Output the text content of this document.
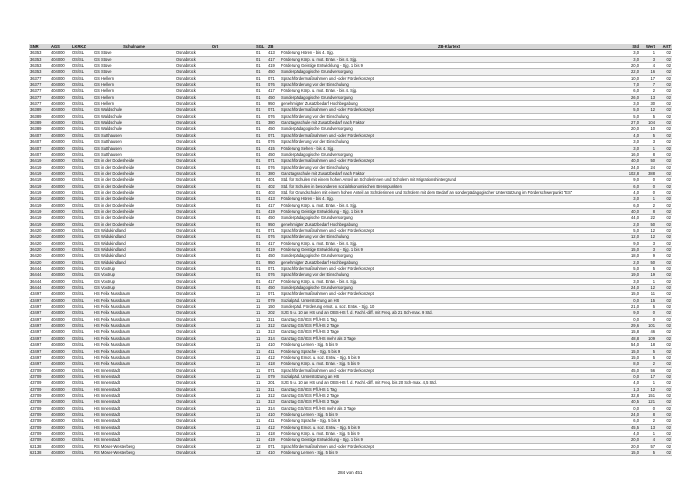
SNR	AGS	LKRKZ	Schulname	Ort	SGL	ZB	ZB-Klartext	Std	Wert	ArtT
36353	404000	OS/SL	GS Stüve	Osnabrück	01	413	Förderung Hören - bis 4. Sjg.	3,0	1	02
36353	404000	OS/SL	GS Stüve	Osnabrück	01	417	Förderung Körp. u. mot. Entw. - bis 4. Sjg.	3,0	3	02
36353	404000	OS/SL	GS Stüve	Osnabrück	01	419	Förderung Geistige Entwicklung - Sjg. 1 bis 9	20,0	4	02
36353	404000	OS/SL	GS Stüve	Osnabrück	01	450	Sonderpädagogische Grundversorgung	22,0	16	02
36377	404000	OS/SL	GS Hellern	Osnabrück	01	071	Sprachfördermaßnahmen und -oder Förderkonzept	10,0	17	02
36377	404000	OS/SL	GS Hellern	Osnabrück	01	076	Sprachförderung vor der Einschulung	7,0	7	02
36377	404000	OS/SL	GS Hellern	Osnabrück	01	417	Förderung Körp. u. mot. Entw. - bis 4. Sjg.	6,0	2	02
36377	404000	OS/SL	GS Hellern	Osnabrück	01	450	Sonderpädagogische Grundversorgung	26,0	13	02
36377	404000	OS/SL	GS Hellern	Osnabrück	01	950	genehmigter Zusatzbedarf Hochbegabung	3,0	30	02
36389	404000	OS/SL	GS Waldschule	Osnabrück	01	071	Sprachfördermaßnahmen und -oder Förderkonzept	5,0	12	02
36389	404000	OS/SL	GS Waldschule	Osnabrück	01	076	Sprachförderung vor der Einschulung	5,0	5	02
36389	404000	OS/SL	GS Waldschule	Osnabrück	01	380	Ganztagsschule mit Zusatzbedarf nach Faktor	27,0	104	02
36389	404000	OS/SL	GS Waldschule	Osnabrück	01	450	Sonderpädagogische Grundversorgung	20,0	10	02
36407	404000	OS/SL	GS Sutthausen	Osnabrück	01	071	Sprachfördermaßnahmen und -oder Förderkonzept	4,0	5	02
36407	404000	OS/SL	GS Sutthausen	Osnabrück	01	076	Sprachförderung vor der Einschulung	3,0	3	02
36407	404000	OS/SL	GS Sutthausen	Osnabrück	01	415	Förderung Sehen - bis 4. Sjg.	3,0	1	02
36407	404000	OS/SL	GS Sutthausen	Osnabrück	01	450	Sonderpädagogische Grundversorgung	16,0	8	02
36419	404000	OS/SL	GS in der Dodesheide	Osnabrück	01	071	Sprachfördermaßnahmen und -oder Förderkonzept	40,0	50	02
36419	404000	OS/SL	GS in der Dodesheide	Osnabrück	01	076	Sprachförderung vor der Einschulung	24,0	24	02
36419	404000	OS/SL	GS in der Dodesheide	Osnabrück	01	380	Ganztagsschule mit Zusatzbedarf nach Faktor	102,8	388	02
36419	404000	OS/SL	GS in der Dodesheide	Osnabrück	01	401	Std. für Schulen mit einem hohen Anteil an Schülerinnen und Schülern mit Migrationshintergrund	9,0	0	02
36419	404000	OS/SL	GS in der Dodesheide	Osnabrück	01	402	Std. für Schulen in besonderen sozialökonomischen Brennpunkten	6,0	0	02
36419	404000	OS/SL	GS in der Dodesheide	Osnabrück	01	403	Std. für Grundschulen mit einem hohen Anteil an Schülerinnen und Schülern mit dem Bedarf an sonderpädagogischer Unterstützung im Förderschwerpunkt "ES"	4,0	0	02
36419	404000	OS/SL	GS in der Dodesheide	Osnabrück	01	413	Förderung Hören - bis 4. Sjg.	3,0	1	02
36419	404000	OS/SL	GS in der Dodesheide	Osnabrück	01	417	Förderung Körp. u. mot. Entw. - bis 4. Sjg.	6,0	2	02
36419	404000	OS/SL	GS in der Dodesheide	Osnabrück	01	419	Förderung Geistige Entwicklung - Sjg. 1 bis 9	40,0	8	02
36419	404000	OS/SL	GS in der Dodesheide	Osnabrück	01	450	Sonderpädagogische Grundversorgung	44,0	22	02
36419	404000	OS/SL	GS in der Dodesheide	Osnabrück	01	950	genehmigter Zusatzbedarf Hochbegabung	2,0	50	02
36420	404000	OS/SL	GS Widukindland	Osnabrück	01	071	Sprachfördermaßnahmen und -oder Förderkonzept	5,0	12	02
36420	404000	OS/SL	GS Widukindland	Osnabrück	01	076	Sprachförderung vor der Einschulung	12,0	12	02
36420	404000	OS/SL	GS Widukindland	Osnabrück	01	417	Förderung Körp. u. mot. Entw. - bis 4. Sjg.	9,0	3	02
36420	404000	OS/SL	GS Widukindland	Osnabrück	01	419	Förderung Geistige Entwicklung - Sjg. 1 bis 9	15,0	3	02
36420	404000	OS/SL	GS Widukindland	Osnabrück	01	450	Sonderpädagogische Grundversorgung	18,0	9	02
36420	404000	OS/SL	GS Widukindland	Osnabrück	01	950	genehmigter Zusatzbedarf Hochbegabung	2,0	50	02
36444	404000	OS/SL	GS Voxtrup	Osnabrück	01	071	Sprachfördermaßnahmen und -oder Förderkonzept	5,0	5	02
36444	404000	OS/SL	GS Voxtrup	Osnabrück	01	076	Sprachförderung vor der Einschulung	19,0	19	02
36444	404000	OS/SL	GS Voxtrup	Osnabrück	01	417	Förderung Körp. u. mot. Entw. - bis 4. Sjg.	3,0	1	02
36444	404000	OS/SL	GS Voxtrup	Osnabrück	01	450	Sonderpädagogische Grundversorgung	24,0	12	02
43497	404000	OS/SL	HS Felix Nussbaum	Osnabrück	11	071	Sprachfördermaßnahmen und -oder Förderkonzept	15,0	11	02
43497	404000	OS/SL	HS Felix Nussbaum	Osnabrück	11	079	Sozialpäd. Unterstützung an HS	0,0	15	02
43497	404000	OS/SL	HS Felix Nussbaum	Osnabrück	11	150	Sonderpäd. Förderung emot. u. soz. Entw. - Sjg. 10	21,0	5	02
43497	404000	OS/SL	HS Felix Nussbaum	Osnabrück	11	202	SJG 5 u. 10 an HS und an OBS-HS f. d. Fachl.-diff. mit Freq. ab 21 Sch-max. 9 Std.	9,0	0	02
43497	404000	OS/SL	HS Felix Nussbaum	Osnabrück	11	311	Ganztag GS/IGS Pfl./HS 1 Tag	0,0	0	02
43497	404000	OS/SL	HS Felix Nussbaum	Osnabrück	11	312	Ganztag GS/IGS Pfl./HS 2 Tage	29,6	101	02
43497	404000	OS/SL	HS Felix Nussbaum	Osnabrück	11	313	Ganztag GS/IGS Pfl./HS 3 Tage	15,8	46	02
43497	404000	OS/SL	HS Felix Nussbaum	Osnabrück	11	314	Ganztag GS/IGS Pfl./HS mehr als 3 Tage	48,8	109	02
43497	404000	OS/SL	HS Felix Nussbaum	Osnabrück	11	410	Förderung Lernen - Sjg. 5 bis 9	54,0	18	02
43497	404000	OS/SL	HS Felix Nussbaum	Osnabrück	11	411	Förderung Sprache - Sjg. 5 bis 9	15,0	5	02
43497	404000	OS/SL	HS Felix Nussbaum	Osnabrück	11	412	Förderung Emot. u. soz. Entw. - Sjg. 5 bis 9	15,0	5	02
43497	404000	OS/SL	HS Felix Nussbaum	Osnabrück	11	418	Förderung Körp. u. mot. Entw. - Sjg. 5 bis 9	8,0	2	02
43709	404000	OS/SL	HS Innenstadt	Osnabrück	11	071	Sprachfördermaßnahmen und -oder Förderkonzept	45,0	56	02
43709	404000	OS/SL	HS Innenstadt	Osnabrück	11	079	Sozialpäd. Unterstützung an HS	0,0	17	02
43709	404000	OS/SL	HS Innenstadt	Osnabrück	11	201	SJG 5 u. 10 an HS und an OBS-HS f. d. Fachl.-diff. mit Freq. bis 20 Sch-max. 4,5 Std.	4,0	1	02
43709	404000	OS/SL	HS Innenstadt	Osnabrück	11	311	Ganztag GS/IGS Pfl./HS 1 Tag	1,3	12	02
43709	404000	OS/SL	HS Innenstadt	Osnabrück	11	312	Ganztag GS/IGS Pfl./HS 2 Tage	32,8	151	02
43709	404000	OS/SL	HS Innenstadt	Osnabrück	11	313	Ganztag GS/IGS Pfl./HS 3 Tage	40,5	121	02
43709	404000	OS/SL	HS Innenstadt	Osnabrück	11	314	Ganztag GS/IGS Pfl./HS mehr als 3 Tage	0,0	0	02
43709	404000	OS/SL	HS Innenstadt	Osnabrück	11	410	Förderung Lernen - Sjg. 5 bis 9	24,0	8	02
43709	404000	OS/SL	HS Innenstadt	Osnabrück	11	411	Förderung Sprache - Sjg. 5 bis 9	6,0	2	02
43709	404000	OS/SL	HS Innenstadt	Osnabrück	11	412	Förderung Emot. u. soz. Entw. - Sjg. 5 bis 9	45,5	13	02
43709	404000	OS/SL	HS Innenstadt	Osnabrück	11	418	Förderung Körp. u. mot. Entw. - Sjg. 5 bis 9	4,0	1	02
43709	404000	OS/SL	HS Innenstadt	Osnabrück	11	419	Förderung Geistige Entwicklung - Sjg. 1 bis 9	20,0	4	02
62138	404000	OS/SL	RS Möser-Westerberg	Osnabrück	12	071	Sprachfördermaßnahmen und -oder Förderkonzept	20,0	57	02
62138	404000	OS/SL	RS Möser-Westerberg	Osnabrück	12	410	Förderung Lernen - Sjg. 5 bis 9	15,0	5	02
284 von 451
